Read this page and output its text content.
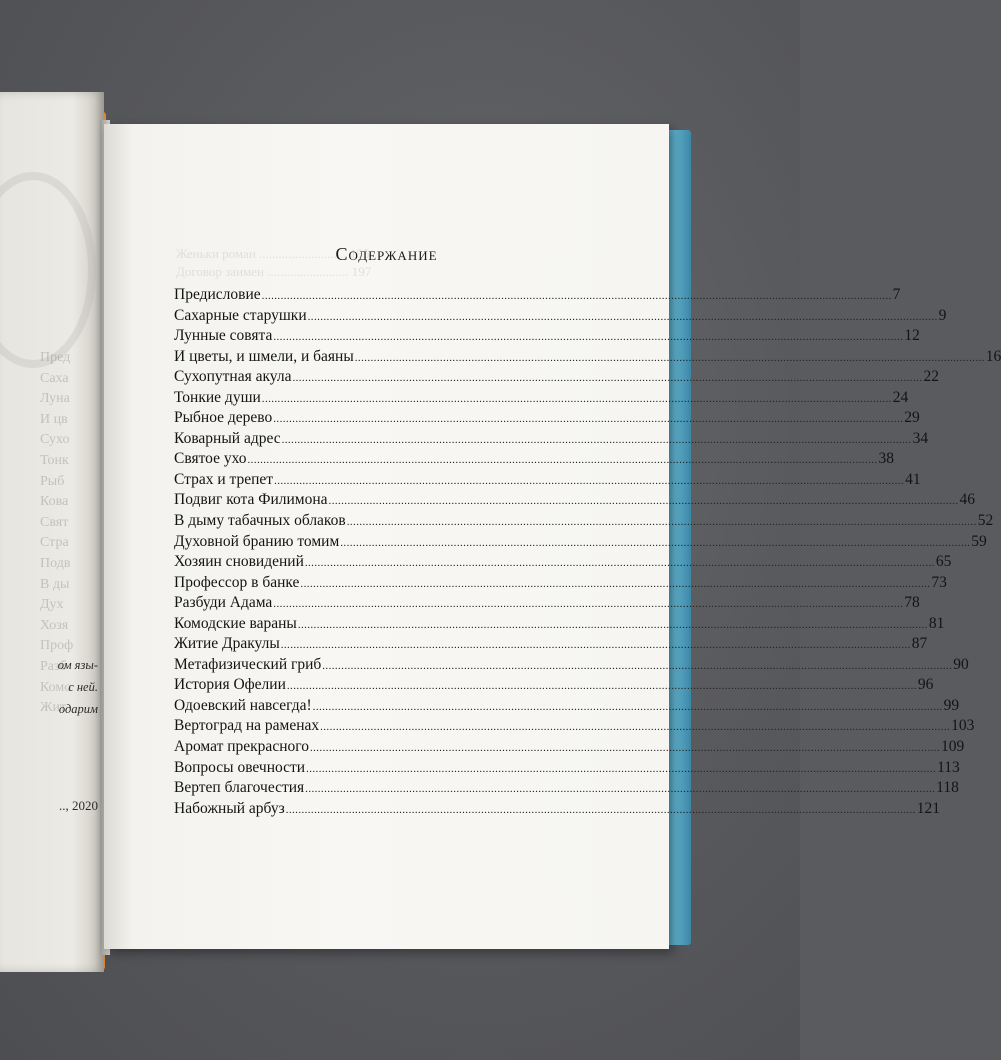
Пред
Саха
Луна
И цв
Сухо
Тонк
Рыб
Кова
Свят
Стра
Подв
В ды
Дух
Хозя
Проф
Разб
Комо
Жит
ом язы-
с ней.
одарим
.., 2020
Женьки роман ........................... 155
Договор заимен ......................... 197
Содержание
Предисловие ........................................................................................................................................................................................................ 7
Сахарные старушки ........................................................................................................................................................................................................ 9
Лунные совята ........................................................................................................................................................................................................ 12
И цветы, и шмели, и баяны ........................................................................................................................................................................................................ 16
Сухопутная акула ........................................................................................................................................................................................................ 22
Тонкие души ........................................................................................................................................................................................................ 24
Рыбное дерево ........................................................................................................................................................................................................ 29
Коварный адрес ........................................................................................................................................................................................................ 34
Святое ухо ........................................................................................................................................................................................................ 38
Страх и трепет ........................................................................................................................................................................................................ 41
Подвиг кота Филимона ........................................................................................................................................................................................................ 46
В дыму табачных облаков ........................................................................................................................................................................................................ 52
Духовной бранию томим ........................................................................................................................................................................................................ 59
Хозяин сновидений ........................................................................................................................................................................................................ 65
Профессор в банке ........................................................................................................................................................................................................ 73
Разбуди Адама ........................................................................................................................................................................................................ 78
Комодские вараны ........................................................................................................................................................................................................ 81
Житие Дракулы ........................................................................................................................................................................................................ 87
Метафизический гриб ........................................................................................................................................................................................................ 90
История Офелии ........................................................................................................................................................................................................ 96
Одоевский навсегда! ........................................................................................................................................................................................................ 99
Вертоград на раменах ........................................................................................................................................................................................................ 103
Аромат прекрасного ........................................................................................................................................................................................................ 109
Вопросы овечности ........................................................................................................................................................................................................ 113
Вертеп благочестия ........................................................................................................................................................................................................ 118
Набожный арбуз ........................................................................................................................................................................................................ 121
